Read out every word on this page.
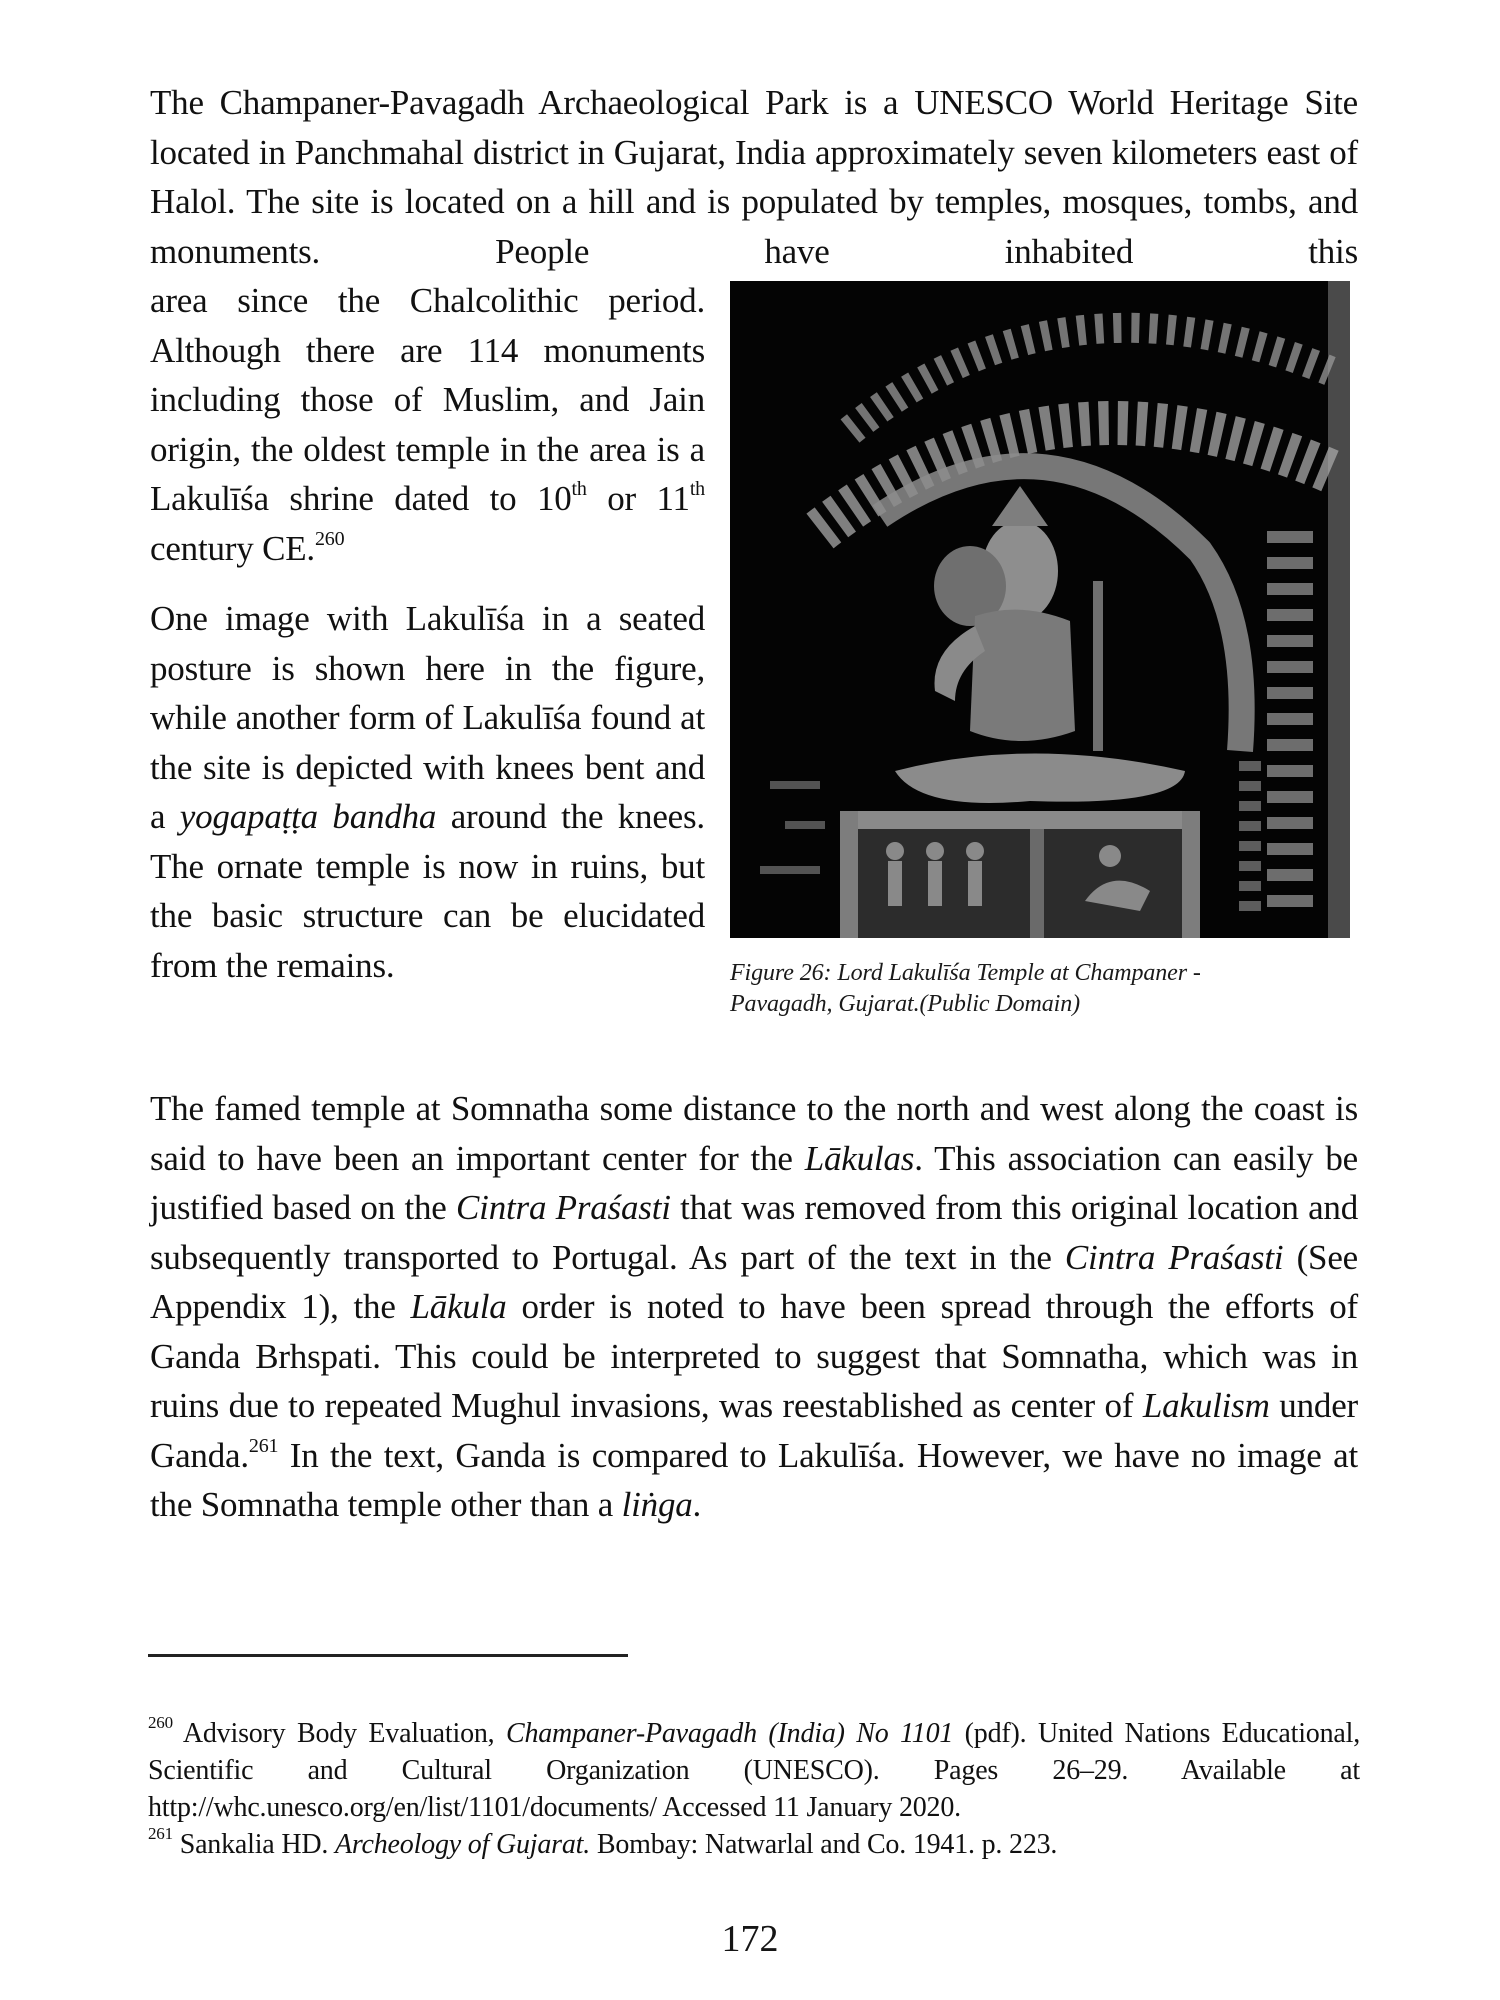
The Champaner-Pavagadh Archaeological Park is a UNESCO World Heritage Site located in Panchmahal district in Gujarat, India approximately seven kilometers east of Halol. The site is located on a hill and is populated by temples, mosques, tombs, and monuments. People have inhabited this

area since the Chalcolithic period. Although there are 114 monuments including those of Muslim, and Jain origin, the oldest temple in the area is a Lakulīśa shrine dated to 10th or 11th century CE.$^{260}$

One image with Lakulīśa in a seated posture is shown here in the figure, while another form of Lakulīśa found at the site is depicted with knees bent and a yogapaṭṭa bandha around the knees. The ornate temple is now in ruins, but the basic structure can be elucidated from the remains.	Figure 26: Lord Lakulīśa Temple at Champaner -
Pavagadh, Gujarat.(Public Domain)

The famed temple at Somnatha some distance to the north and west along the coast is said to have been an important center for the Lākulas. This association can easily be justified based on the Cintra Praśasti that was removed from this original location and subsequently transported to Portugal. As part of the text in the Cintra Praśasti (See Appendix 1), the Lākula order is noted to have been spread through the efforts of Ganda Brhspati. This could be interpreted to suggest that Somnatha, which was in ruins due to repeated Mughul invasions, was reestablished as center of Lakulism under Ganda.$^{261}$ In the text, Ganda is compared to Lakulīśa. However, we have no image at the Somnatha temple other than a liṅga.

$^{260}$ Advisory Body Evaluation, Champaner-Pavagadh (India) No 1101 (pdf). United Nations Educational, Scientific and Cultural Organization (UNESCO). Pages 26–29. Available at http://whc.unesco.org/en/list/1101/documents/ Accessed 11 January 2020.

$^{261}$ Sankalia HD. Archeology of Gujarat. Bombay: Natwarlal and Co. 1941. p. 223.

172
